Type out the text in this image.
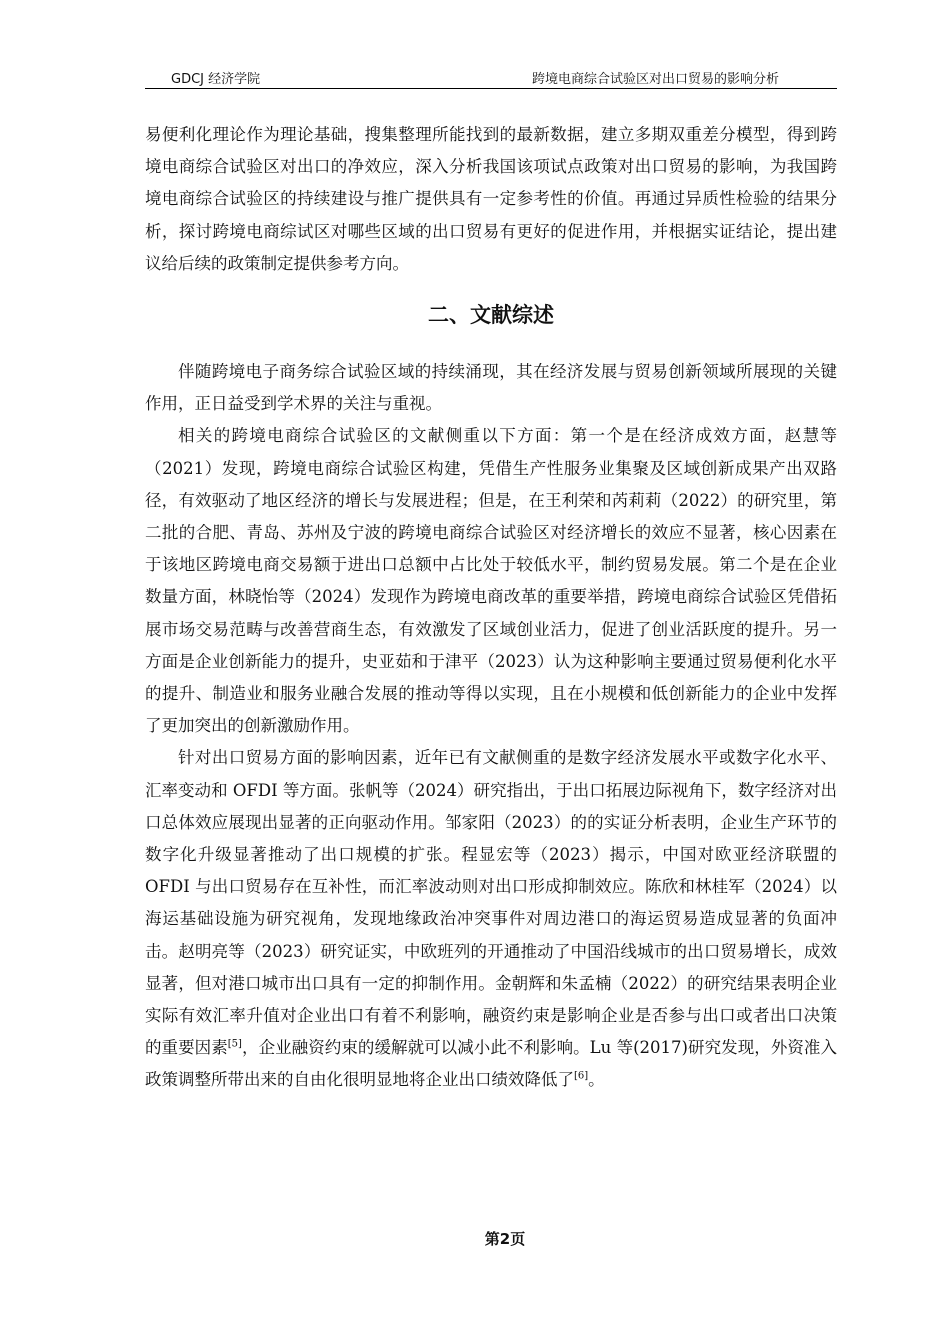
GDCJ 经济学院	跨境电商综合试验区对出口贸易的影响分析

易便利化理论作为理论基础，搜集整理所能找到的最新数据，建立多期双重差分模型，得到跨境电商综合试验区对出口的净效应，深入分析我国该项试点政策对出口贸易的影响，为我国跨境电商综合试验区的持续建设与推广提供具有一定参考性的价值。再通过异质性检验的结果分析，探讨跨境电商综试区对哪些区域的出口贸易有更好的促进作用，并根据实证结论，提出建议给后续的政策制定提供参考方向。

二、文献综述

伴随跨境电子商务综合试验区域的持续涌现，其在经济发展与贸易创新领域所展现的关键作用，正日益受到学术界的关注与重视。

相关的跨境电商综合试验区的文献侧重以下方面：第一个是在经济成效方面，赵慧等（2021）发现，跨境电商综合试验区构建，凭借生产性服务业集聚及区域创新成果产出双路径，有效驱动了地区经济的增长与发展进程；但是，在王利荣和芮莉莉（2022）的研究里，第二批的合肥、青岛、苏州及宁波的跨境电商综合试验区对经济增长的效应不显著，核心因素在于该地区跨境电商交易额于进出口总额中占比处于较低水平，制约贸易发展。第二个是在企业数量方面，林晓怡等（2024）发现作为跨境电商改革的重要举措，跨境电商综合试验区凭借拓展市场交易范畴与改善营商生态，有效激发了区域创业活力，促进了创业活跃度的提升。另一方面是企业创新能力的提升，史亚茹和于津平（2023）认为这种影响主要通过贸易便利化水平的提升、制造业和服务业融合发展的推动等得以实现，且在小规模和低创新能力的企业中发挥了更加突出的创新激励作用。

针对出口贸易方面的影响因素，近年已有文献侧重的是数字经济发展水平或数字化水平、汇率变动和 OFDI 等方面。张帆等（2024）研究指出，于出口拓展边际视角下，数字经济对出口总体效应展现出显著的正向驱动作用。邹家阳（2023）的的实证分析表明，企业生产环节的数字化升级显著推动了出口规模的扩张。程显宏等（2023）揭示，中国对欧亚经济联盟的 OFDI 与出口贸易存在互补性，而汇率波动则对出口形成抑制效应。陈欣和林桂军（2024）以海运基础设施为研究视角，发现地缘政治冲突事件对周边港口的海运贸易造成显著的负面冲击。赵明亮等（2023）研究证实，中欧班列的开通推动了中国沿线城市的出口贸易增长，成效显著，但对港口城市出口具有一定的抑制作用。金朝辉和朱孟楠（2022）的研究结果表明企业实际有效汇率升值对企业出口有着不利影响，融资约束是影响企业是否参与出口或者出口决策的重要因素[5]，企业融资约束的缓解就可以减小此不利影响。Lu 等(2017)研究发现，外资准入政策调整所带出来的自由化很明显地将企业出口绩效降低了[6]。

第2页
